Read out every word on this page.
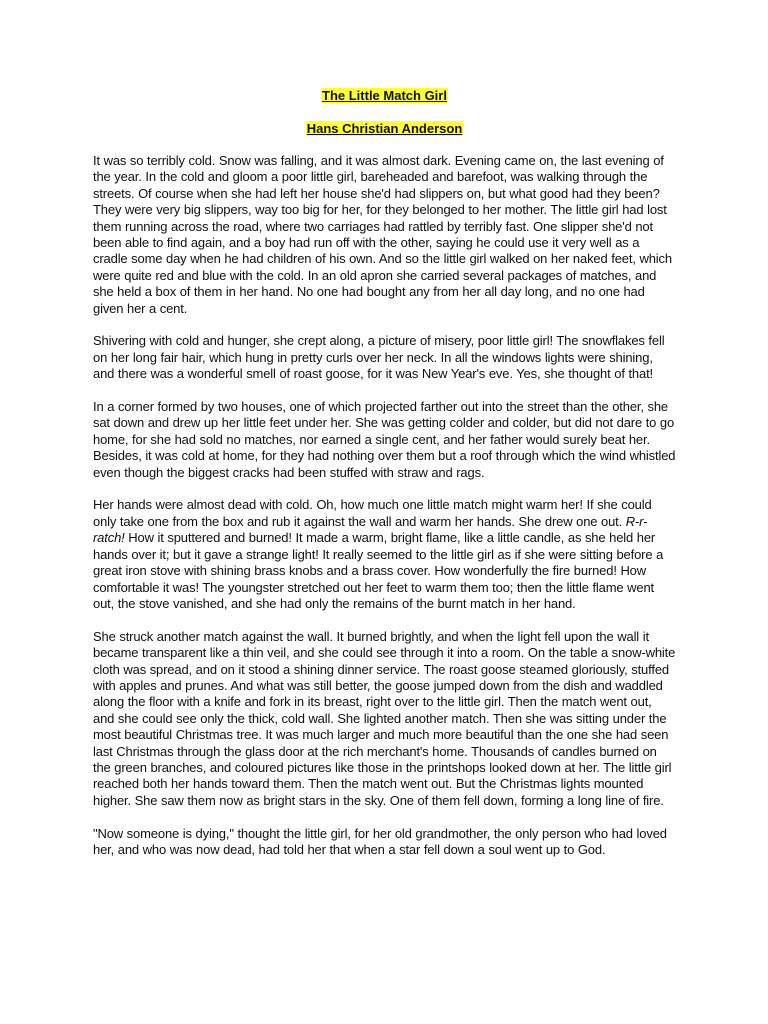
The Little Match Girl

Hans Christian Anderson

It was so terribly cold. Snow was falling, and it was almost dark. Evening came on, the last evening of the year. In the cold and gloom a poor little girl, bareheaded and barefoot, was walking through the streets. Of course when she had left her house she'd had slippers on, but what good had they been? They were very big slippers, way too big for her, for they belonged to her mother. The little girl had lost them running across the road, where two carriages had rattled by terribly fast. One slipper she'd not been able to find again, and a boy had run off with the other, saying he could use it very well as a cradle some day when he had children of his own. And so the little girl walked on her naked feet, which were quite red and blue with the cold. In an old apron she carried several packages of matches, and she held a box of them in her hand. No one had bought any from her all day long, and no one had given her a cent.

Shivering with cold and hunger, she crept along, a picture of misery, poor little girl! The snowflakes fell on her long fair hair, which hung in pretty curls over her neck. In all the windows lights were shining, and there was a wonderful smell of roast goose, for it was New Year's eve. Yes, she thought of that!

In a corner formed by two houses, one of which projected farther out into the street than the other, she sat down and drew up her little feet under her. She was getting colder and colder, but did not dare to go home, for she had sold no matches, nor earned a single cent, and her father would surely beat her. Besides, it was cold at home, for they had nothing over them but a roof through which the wind whistled even though the biggest cracks had been stuffed with straw and rags.

Her hands were almost dead with cold. Oh, how much one little match might warm her! If she could only take one from the box and rub it against the wall and warm her hands. She drew one out. R-r-ratch! How it sputtered and burned! It made a warm, bright flame, like a little candle, as she held her hands over it; but it gave a strange light! It really seemed to the little girl as if she were sitting before a great iron stove with shining brass knobs and a brass cover. How wonderfully the fire burned! How comfortable it was! The youngster stretched out her feet to warm them too; then the little flame went out, the stove vanished, and she had only the remains of the burnt match in her hand.

She struck another match against the wall. It burned brightly, and when the light fell upon the wall it became transparent like a thin veil, and she could see through it into a room. On the table a snow-white cloth was spread, and on it stood a shining dinner service. The roast goose steamed gloriously, stuffed with apples and prunes. And what was still better, the goose jumped down from the dish and waddled along the floor with a knife and fork in its breast, right over to the little girl. Then the match went out, and she could see only the thick, cold wall. She lighted another match. Then she was sitting under the most beautiful Christmas tree. It was much larger and much more beautiful than the one she had seen last Christmas through the glass door at the rich merchant's home. Thousands of candles burned on the green branches, and coloured pictures like those in the printshops looked down at her. The little girl reached both her hands toward them. Then the match went out. But the Christmas lights mounted higher. She saw them now as bright stars in the sky. One of them fell down, forming a long line of fire.

"Now someone is dying," thought the little girl, for her old grandmother, the only person who had loved her, and who was now dead, had told her that when a star fell down a soul went up to God.
